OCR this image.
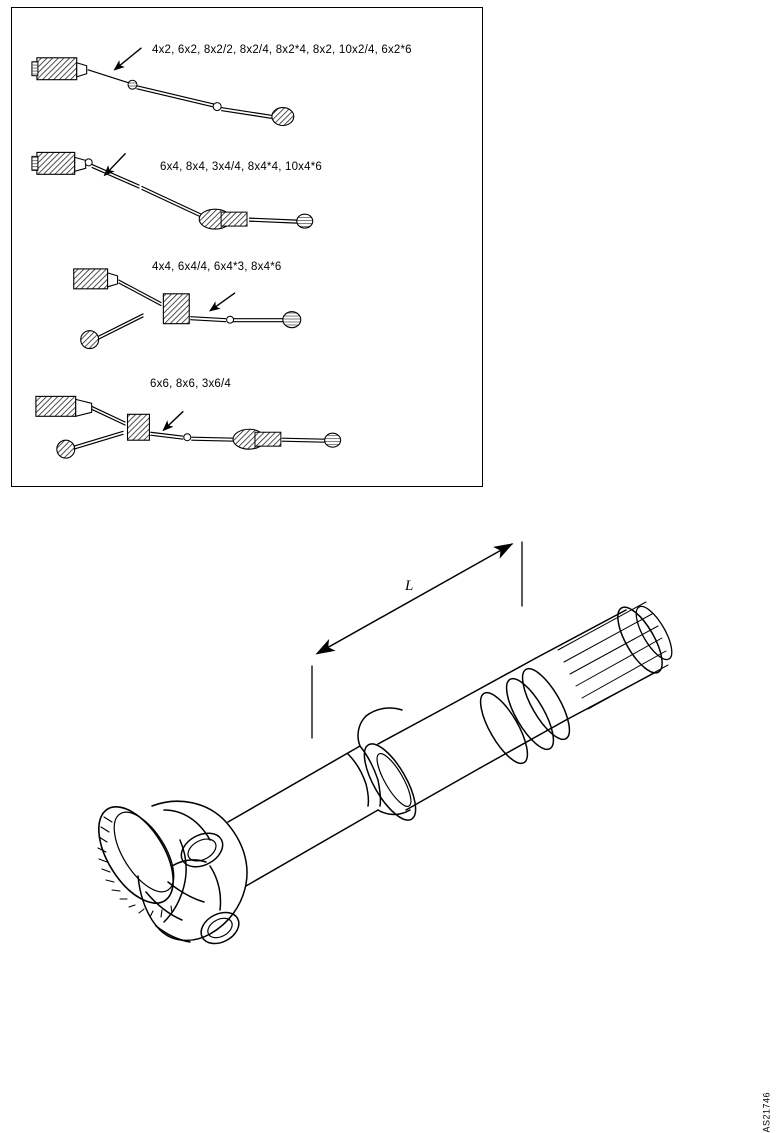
4x2, 6x2, 8x2/2, 8x2/4, 8x2*4, 8x2, 10x2/4, 6x2*6
6x4, 8x4, 3x4/4, 8x4*4, 10x4*6
4x4, 6x4/4, 6x4*3, 8x4*6
6x6, 8x6, 3x6/4
L
AS21746
